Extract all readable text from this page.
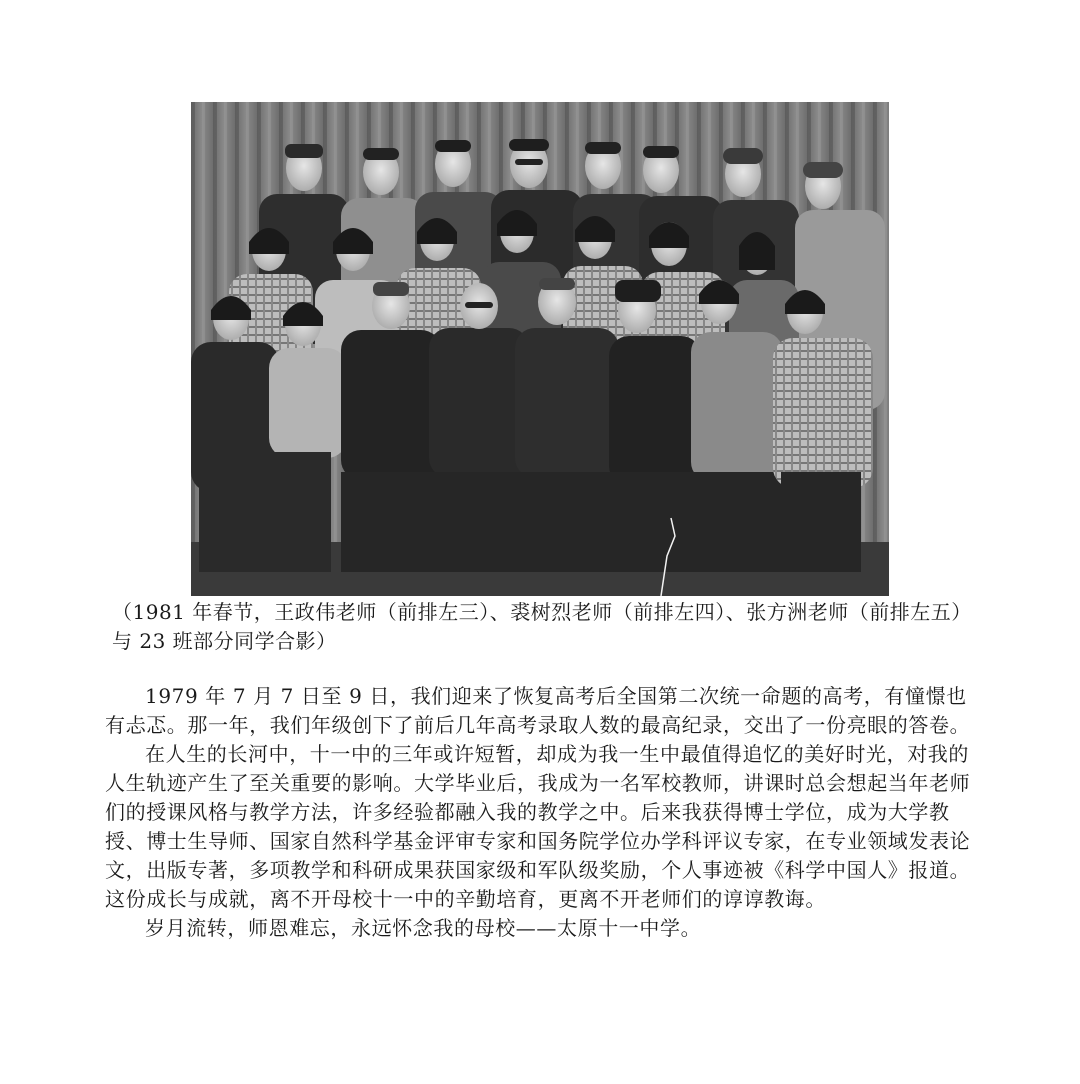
（1981 年春节，王政伟老师（前排左三）、裘树烈老师（前排左四）、张方洲老师（前排左五）与 23 班部分同学合影）

1979 年 7 月 7 日至 9 日，我们迎来了恢复高考后全国第二次统一命题的高考，有憧憬也有忐忑。那一年，我们年级创下了前后几年高考录取人数的最高纪录，交出了一份亮眼的答卷。

在人生的长河中，十一中的三年或许短暂，却成为我一生中最值得追忆的美好时光，对我的人生轨迹产生了至关重要的影响。大学毕业后，我成为一名军校教师，讲课时总会想起当年老师们的授课风格与教学方法，许多经验都融入我的教学之中。后来我获得博士学位，成为大学教授、博士生导师、国家自然科学基金评审专家和国务院学位办学科评议专家，在专业领域发表论文，出版专著，多项教学和科研成果获国家级和军队级奖励，个人事迹被《科学中国人》报道。这份成长与成就，离不开母校十一中的辛勤培育，更离不开老师们的谆谆教诲。

岁月流转，师恩难忘，永远怀念我的母校——太原十一中学。
